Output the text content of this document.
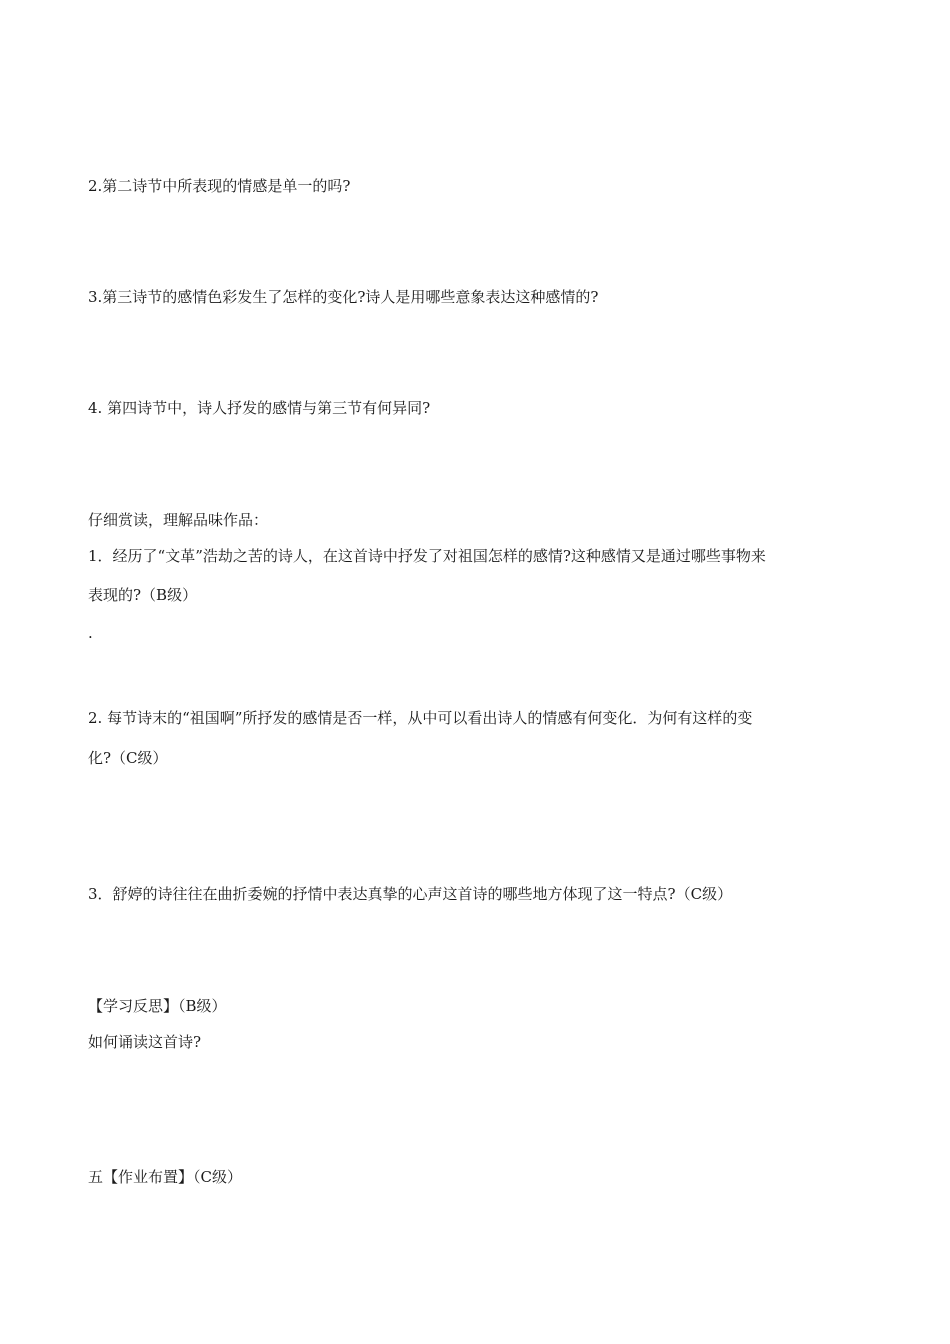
2.第二诗节中所表现的情感是单一的吗?
3.第三诗节的感情色彩发生了怎样的变化?诗人是用哪些意象表达这种感情的?
4. 第四诗节中，诗人抒发的感情与第三节有何异同?
仔细赏读，理解品味作品：
1．经历了“文革”浩劫之苦的诗人，在这首诗中抒发了对祖国怎样的感情?这种感情又是通过哪些事物来
表现的?（B级）
.
2. 每节诗末的“祖国啊”所抒发的感情是否一样，从中可以看出诗人的情感有何变化．为何有这样的变
化?（C级）
3．舒婷的诗往往在曲折委婉的抒情中表达真挚的心声这首诗的哪些地方体现了这一特点?（C级）
【学习反思】（B级）
如何诵读这首诗?
五【作业布置】（C级）
